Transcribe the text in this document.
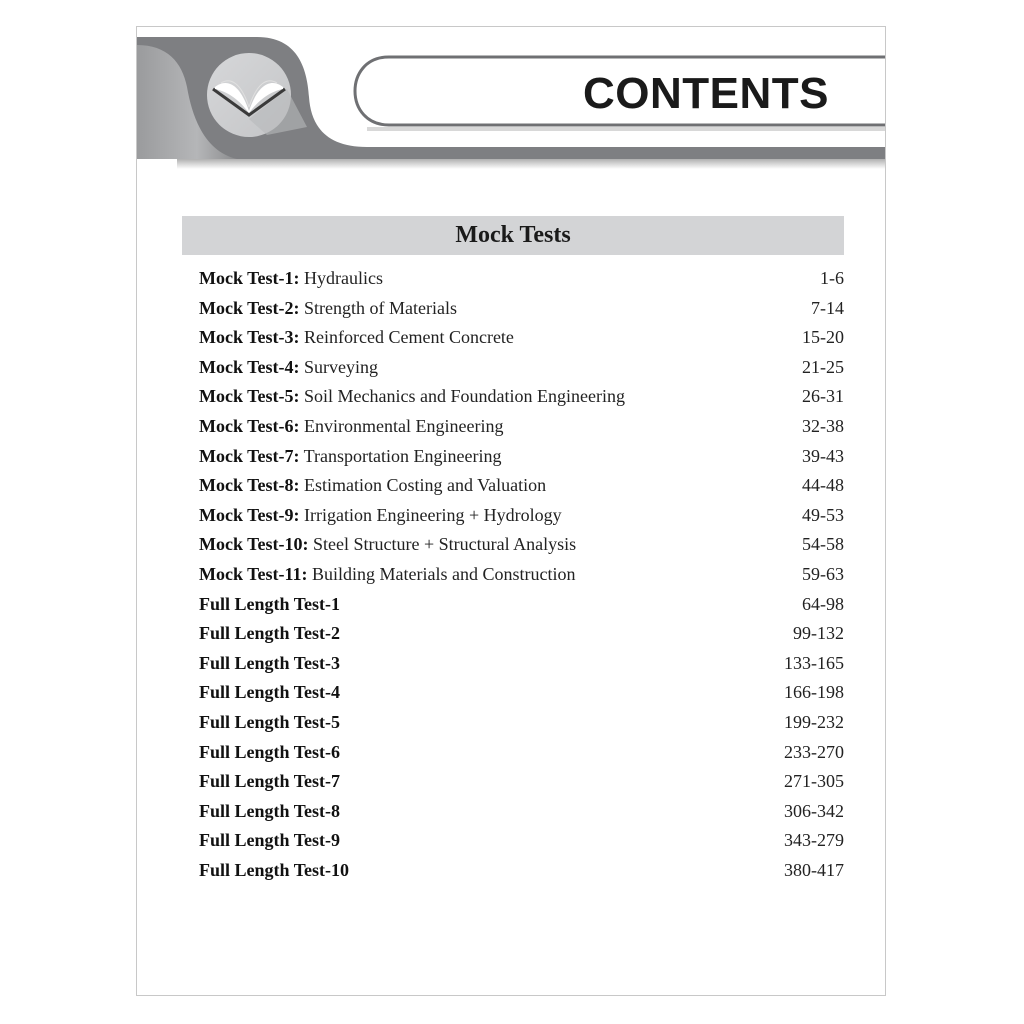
CONTENTS
Mock Tests
Mock Test-1: Hydraulics	1-6
Mock Test-2: Strength of Materials	7-14
Mock Test-3: Reinforced Cement Concrete	15-20
Mock Test-4: Surveying	21-25
Mock Test-5: Soil Mechanics and Foundation Engineering	26-31
Mock Test-6: Environmental Engineering	32-38
Mock Test-7: Transportation Engineering	39-43
Mock Test-8: Estimation Costing and Valuation	44-48
Mock Test-9: Irrigation Engineering + Hydrology	49-53
Mock Test-10: Steel Structure + Structural Analysis	54-58
Mock Test-11: Building Materials and Construction	59-63
Full Length Test-1	64-98
Full Length Test-2	99-132
Full Length Test-3	133-165
Full Length Test-4	166-198
Full Length Test-5	199-232
Full Length Test-6	233-270
Full Length Test-7	271-305
Full Length Test-8	306-342
Full Length Test-9	343-279
Full Length Test-10	380-417
